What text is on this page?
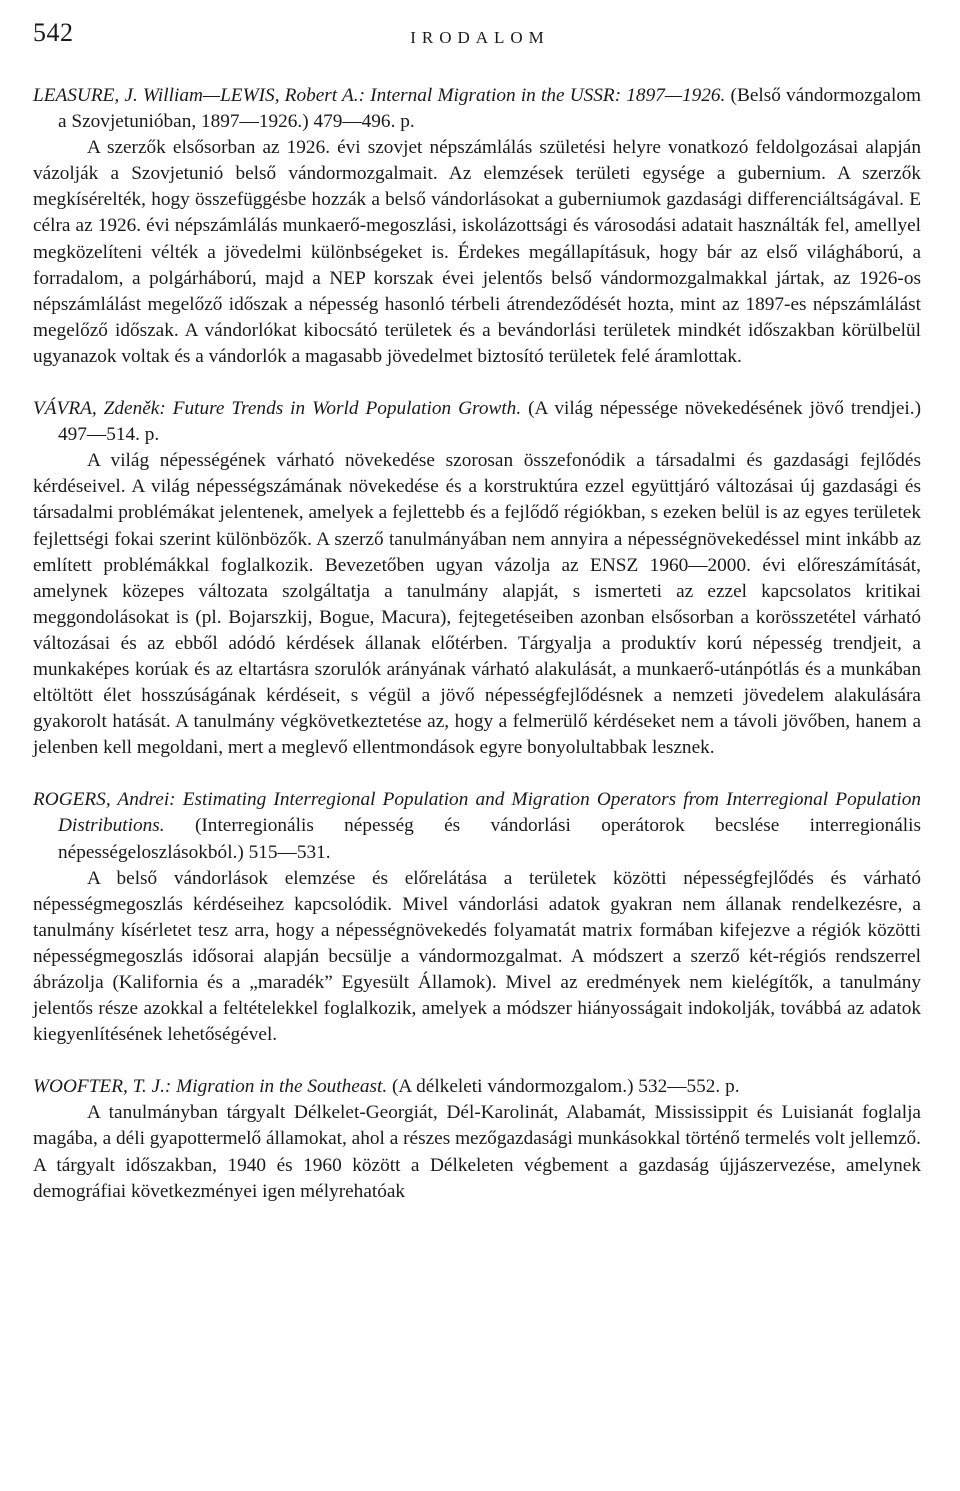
542	IRODALOM

LEASURE, J. William—LEWIS, Robert A.: Internal Migration in the USSR: 1897—1926. (Belső vándormozgalom a Szovjetunióban, 1897—1926.) 479—496. p.

A szerzők elsősorban az 1926. évi szovjet népszámlálás születési helyre vonatkozó feldolgozásai alapján vázolják a Szovjetunió belső vándormozgalmait. Az elemzések területi egysége a gubernium. A szerzők megkísérelték, hogy összefüggésbe hozzák a belső vándorlásokat a guberniumok gazdasági differenciáltságával. E célra az 1926. évi népszámlálás munkaerő-megoszlási, iskolázottsági és városodási adatait használták fel, amellyel megközelíteni vélték a jövedelmi különbségeket is. Érdekes megállapításuk, hogy bár az első világháború, a forradalom, a polgárháború, majd a NEP korszak évei jelentős belső vándormozgalmakkal jártak, az 1926-os népszámlálást megelőző időszak a népesség hasonló térbeli átrendeződését hozta, mint az 1897-es népszámlálást megelőző időszak. A vándorlókat kibocsátó területek és a bevándorlási területek mindkét időszakban körülbelül ugyanazok voltak és a vándorlók a magasabb jövedelmet biztosító területek felé áramlottak.

VÁVRA, Zdeněk: Future Trends in World Population Growth. (A világ népessége növekedésének jövő trendjei.) 497—514. p.

A világ népességének várható növekedése szorosan összefonódik a társadalmi és gazdasági fejlődés kérdéseivel. A világ népességszámának növekedése és a korstruktúra ezzel együttjáró változásai új gazdasági és társadalmi problémákat jelentenek, amelyek a fejlettebb és a fejlődő régiókban, s ezeken belül is az egyes területek fejlettségi fokai szerint különbözők. A szerző tanulmányában nem annyira a népességnövekedéssel mint inkább az említett problémákkal foglalkozik. Bevezetőben ugyan vázolja az ENSZ 1960—2000. évi előreszámítását, amelynek közepes változata szolgáltatja a tanulmány alapját, s ismerteti az ezzel kapcsolatos kritikai meggondolásokat is (pl. Bojarszkij, Bogue, Macura), fejtegetéseiben azonban elsősorban a korösszetétel várható változásai és az ebből adódó kérdések állanak előtérben. Tárgyalja a produktív korú népesség trendjeit, a munkaképes korúak és az eltartásra szorulók arányának várható alakulását, a munkaerő-utánpótlás és a munkában eltöltött élet hosszúságának kérdéseit, s végül a jövő népességfejlődésnek a nemzeti jövedelem alakulására gyakorolt hatását. A tanulmány végkövetkeztetése az, hogy a felmerülő kérdéseket nem a távoli jövőben, hanem a jelenben kell megoldani, mert a meglevő ellentmondások egyre bonyolultabbak lesznek.

ROGERS, Andrei: Estimating Interregional Population and Migration Operators from Interregional Population Distributions. (Interregionális népesség és vándorlási operátorok becslése interregionális népességeloszlásokból.) 515—531.

A belső vándorlások elemzése és előrelátása a területek közötti népességfejlődés és várható népességmegoszlás kérdéseihez kapcsolódik. Mivel vándorlási adatok gyakran nem állanak rendelkezésre, a tanulmány kísérletet tesz arra, hogy a népességnövekedés folyamatát matrix formában kifejezve a régiók közötti népességmegoszlás idősorai alapján becsülje a vándormozgalmat. A módszert a szerző két-régiós rendszerrel ábrázolja (Kalifornia és a „maradék” Egyesült Államok). Mivel az eredmények nem kielégítők, a tanulmány jelentős része azokkal a feltételekkel foglalkozik, amelyek a módszer hiányosságait indokolják, továbbá az adatok kiegyenlítésének lehetőségével.

WOOFTER, T. J.: Migration in the Southeast. (A délkeleti vándormozgalom.) 532—552. p.

A tanulmányban tárgyalt Délkelet-Georgiát, Dél-Karolinát, Alabamát, Mississippit és Luisianát foglalja magába, a déli gyapottermelő államokat, ahol a részes mezőgazdasági munkásokkal történő termelés volt jellemző. A tárgyalt időszakban, 1940 és 1960 között a Délkeleten végbement a gazdaság újjászervezése, amelynek demográfiai következményei igen mélyrehatóak
